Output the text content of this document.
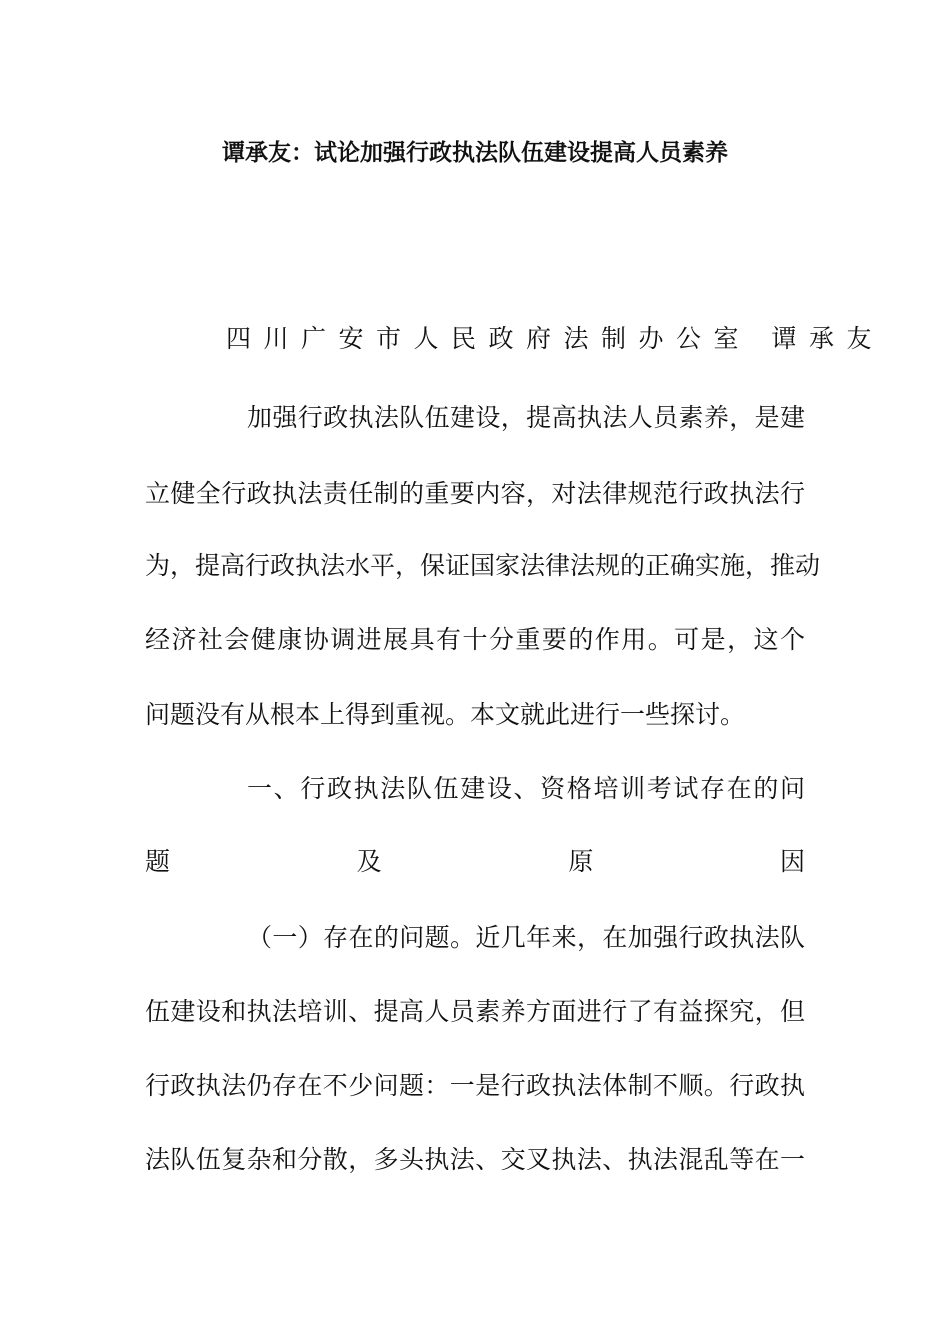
谭承友：试论加强行政执法队伍建设提高人员素养
四川广安市人民政府法制办公室 谭承友
加强行政执法队伍建设，提高执法人员素养，是建
立健全行政执法责任制的重要内容，对法律规范行政执法行
为，提高行政执法水平，保证国家法律法规的正确实施，推动
经济社会健康协调进展具有十分重要的作用。可是，这个
问题没有从根本上得到重视。本文就此进行一些探讨。
一、行政执法队伍建设、资格培训考试存在的问
题	及	原	因
（一）存在的问题。近几年来，在加强行政执法队
伍建设和执法培训、提高人员素养方面进行了有益探究，但
行政执法仍存在不少问题：一是行政执法体制不顺。行政执
法队伍复杂和分散，多头执法、交叉执法、执法混乱等在一
